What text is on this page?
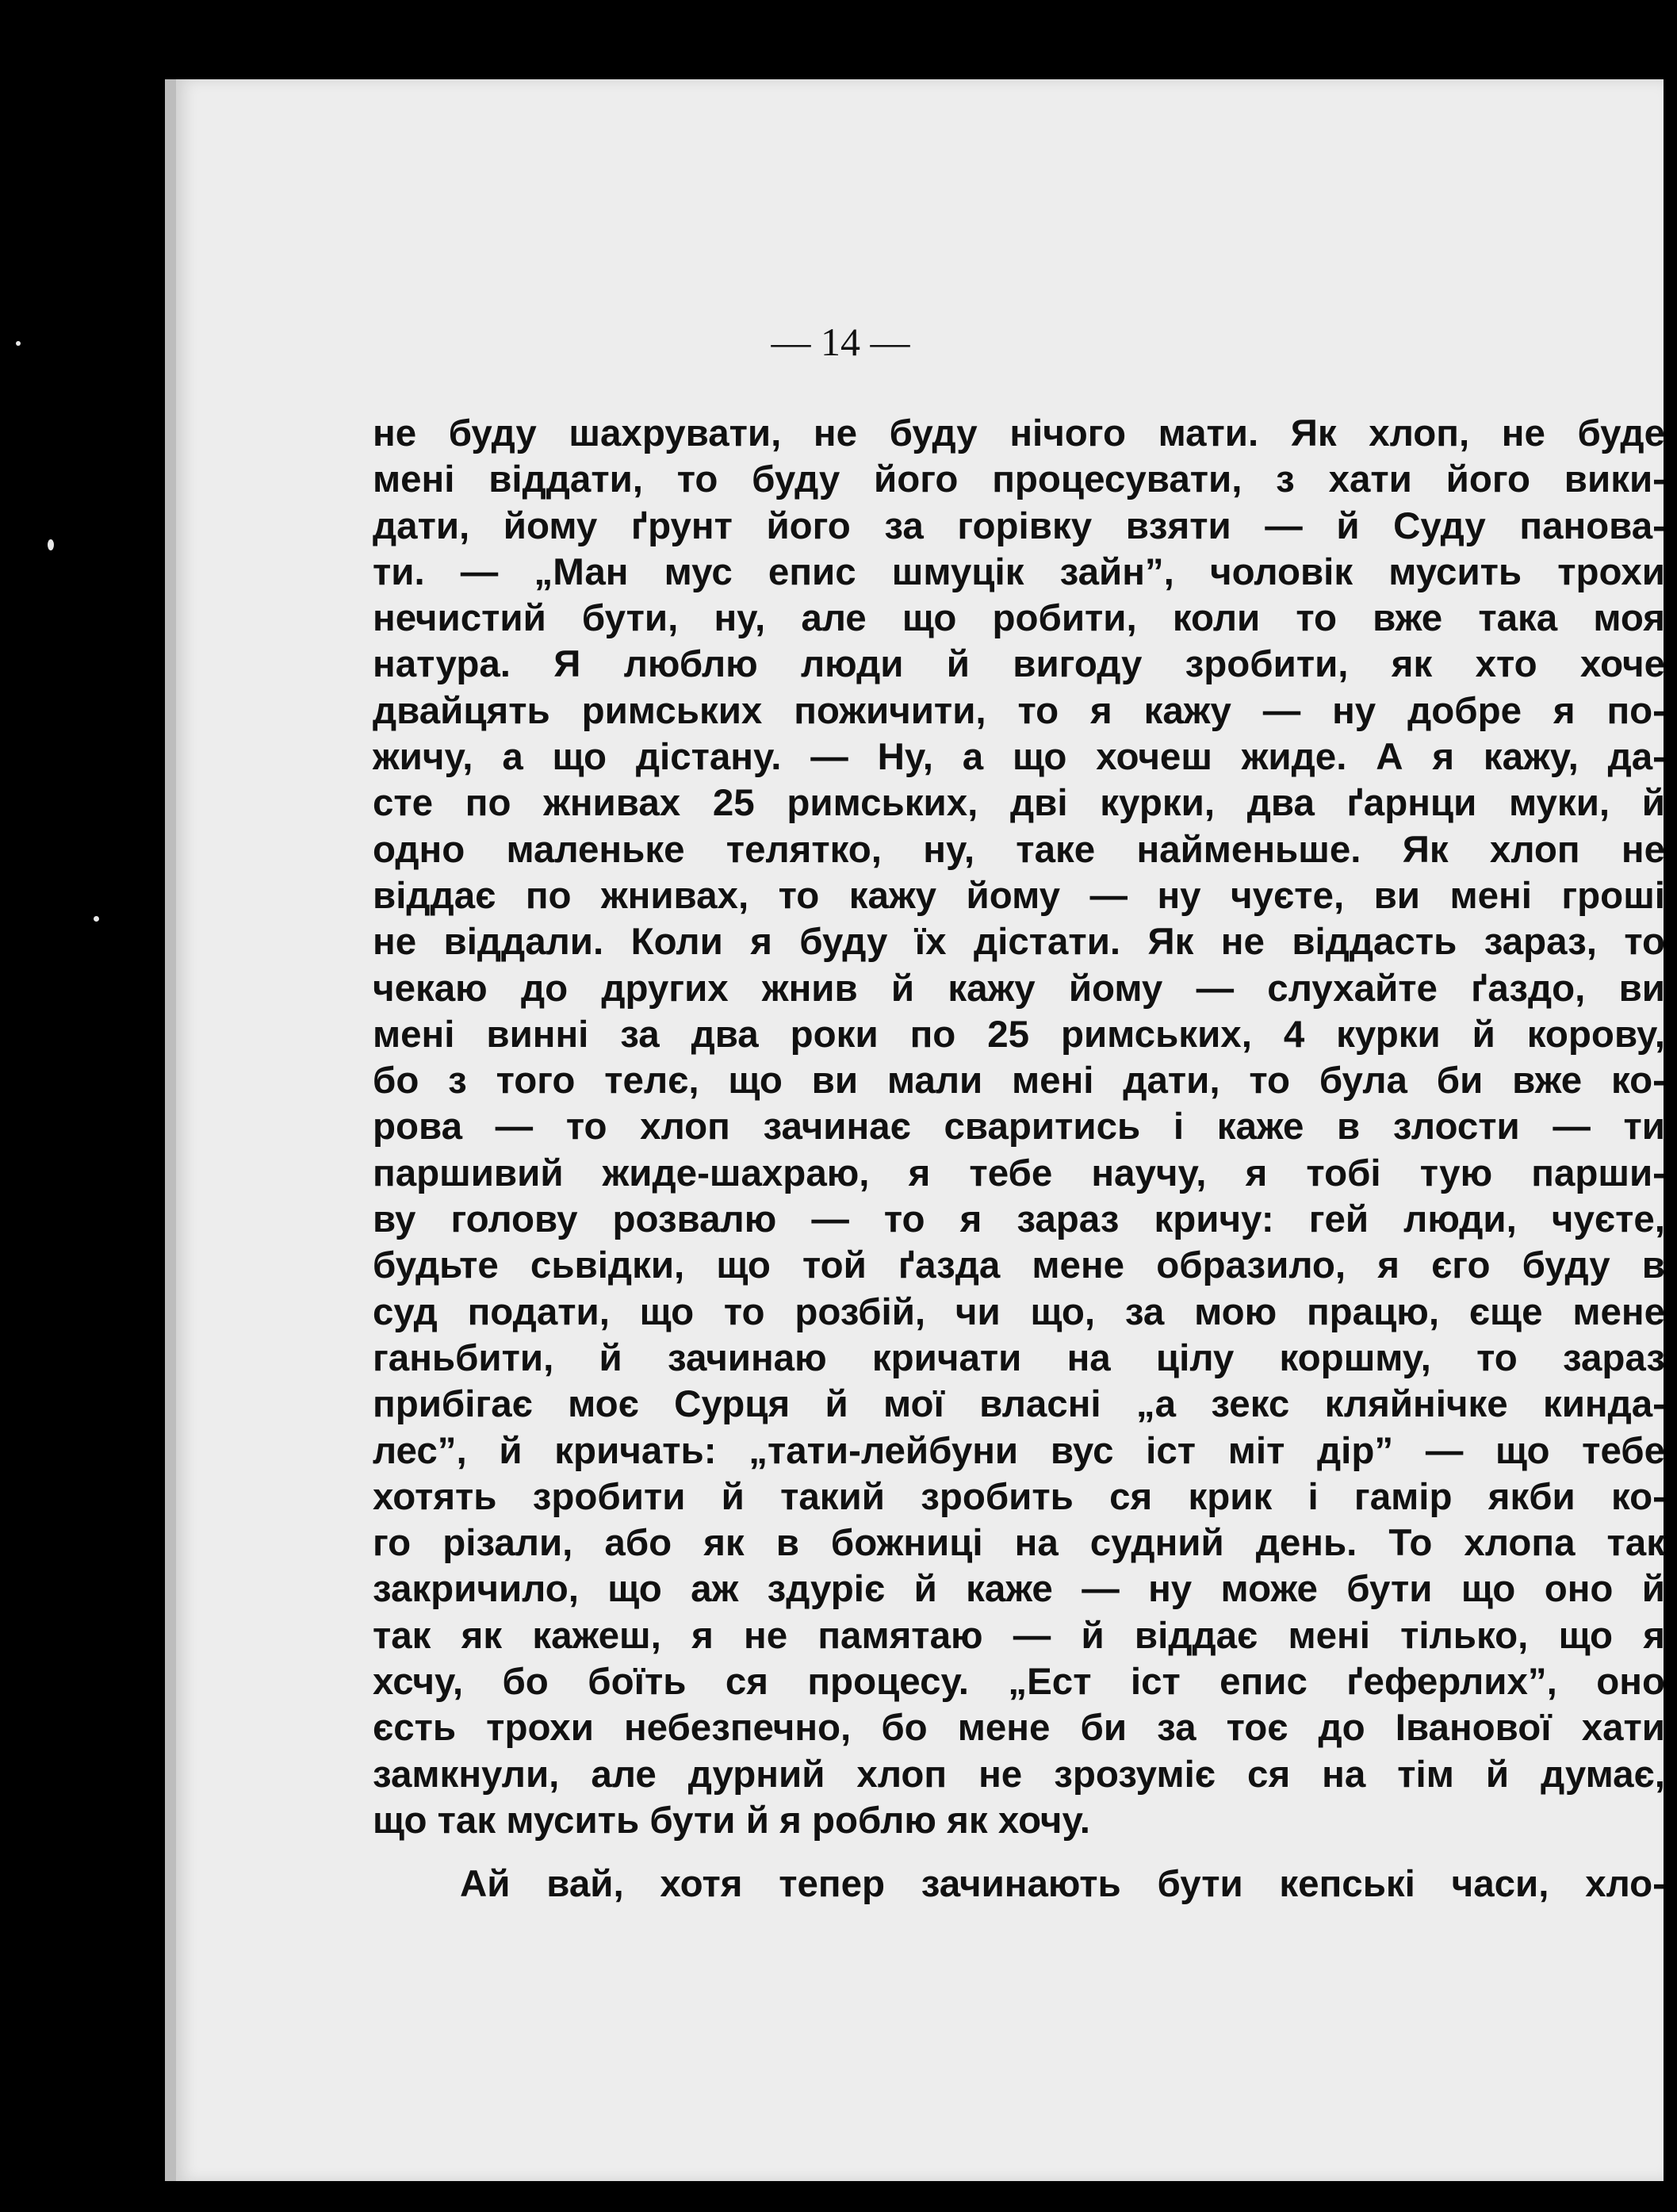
— 14 —
не буду шахрувати, не буду нічого мати. Як хлоп, не буде
мені віддати, то буду його процесувати, з хати його вики-
дати, йому ґрунт його за горівку взяти — й Суду панова-
ти. — „Ман мус епис шмуцік зайн”, чоловік мусить трохи
нечистий бути, ну, але що робити, коли то вже така моя
натура. Я люблю люди й вигоду зробити, як хто хоче
двайцять римських пожичити, то я кажу — ну добре я по-
жичу, а що дістану. — Ну, а що хочеш жиде. А я кажу, да-
сте по жнивах 25 римських, дві курки, два ґарнци муки, й
одно маленьке телятко, ну, таке найменьше. Як хлоп не
віддає по жнивах, то кажу йому — ну чуєте, ви мені гроші
не віддали. Коли я буду їх дістати. Як не віддасть зараз, то
чекаю до других жнив й кажу йому — слухайте ґаздо, ви
мені винні за два роки по 25 римських, 4 курки й корову,
бо з того телє, що ви мали мені дати, то була би вже ко-
рова — то хлоп зачинає сваритись і каже в злости — ти
паршивий жиде-шахраю, я тебе научу, я тобі тую парши-
ву голову розвалю — то я зараз кричу: гей люди, чуєте,
будьте сьвідки, що той ґазда мене образило, я єго буду в
суд подати, що то розбій, чи що, за мою працю, єще мене
ганьбити, й зачинаю кричати на цілу коршму, то зараз
прибігає моє Сурця й мої власні „а зекс кляйнічке кинда-
лес”, й кричать: „тати-лейбуни вус іст міт дір” — що тебе
хотять зробити й такий зробить ся крик і гамір якби ко-
го різали, або як в божниці на судний день. То хлопа так
закричило, що аж здуріє й каже — ну може бути що оно й
так як кажеш, я не памятаю — й віддає мені тілько, що я
хсчу, бо боїть ся процесу. „Ест іст епис ґеферлих”, оно
єсть трохи небезпечно, бо мене би за тоє до Іванової хати
замкнули, але дурний хлоп не зрозуміє ся на тім й думає,
що так мусить бути й я роблю як хочу.
Ай вай, хотя тепер зачинають бути кепські часи, хло-
